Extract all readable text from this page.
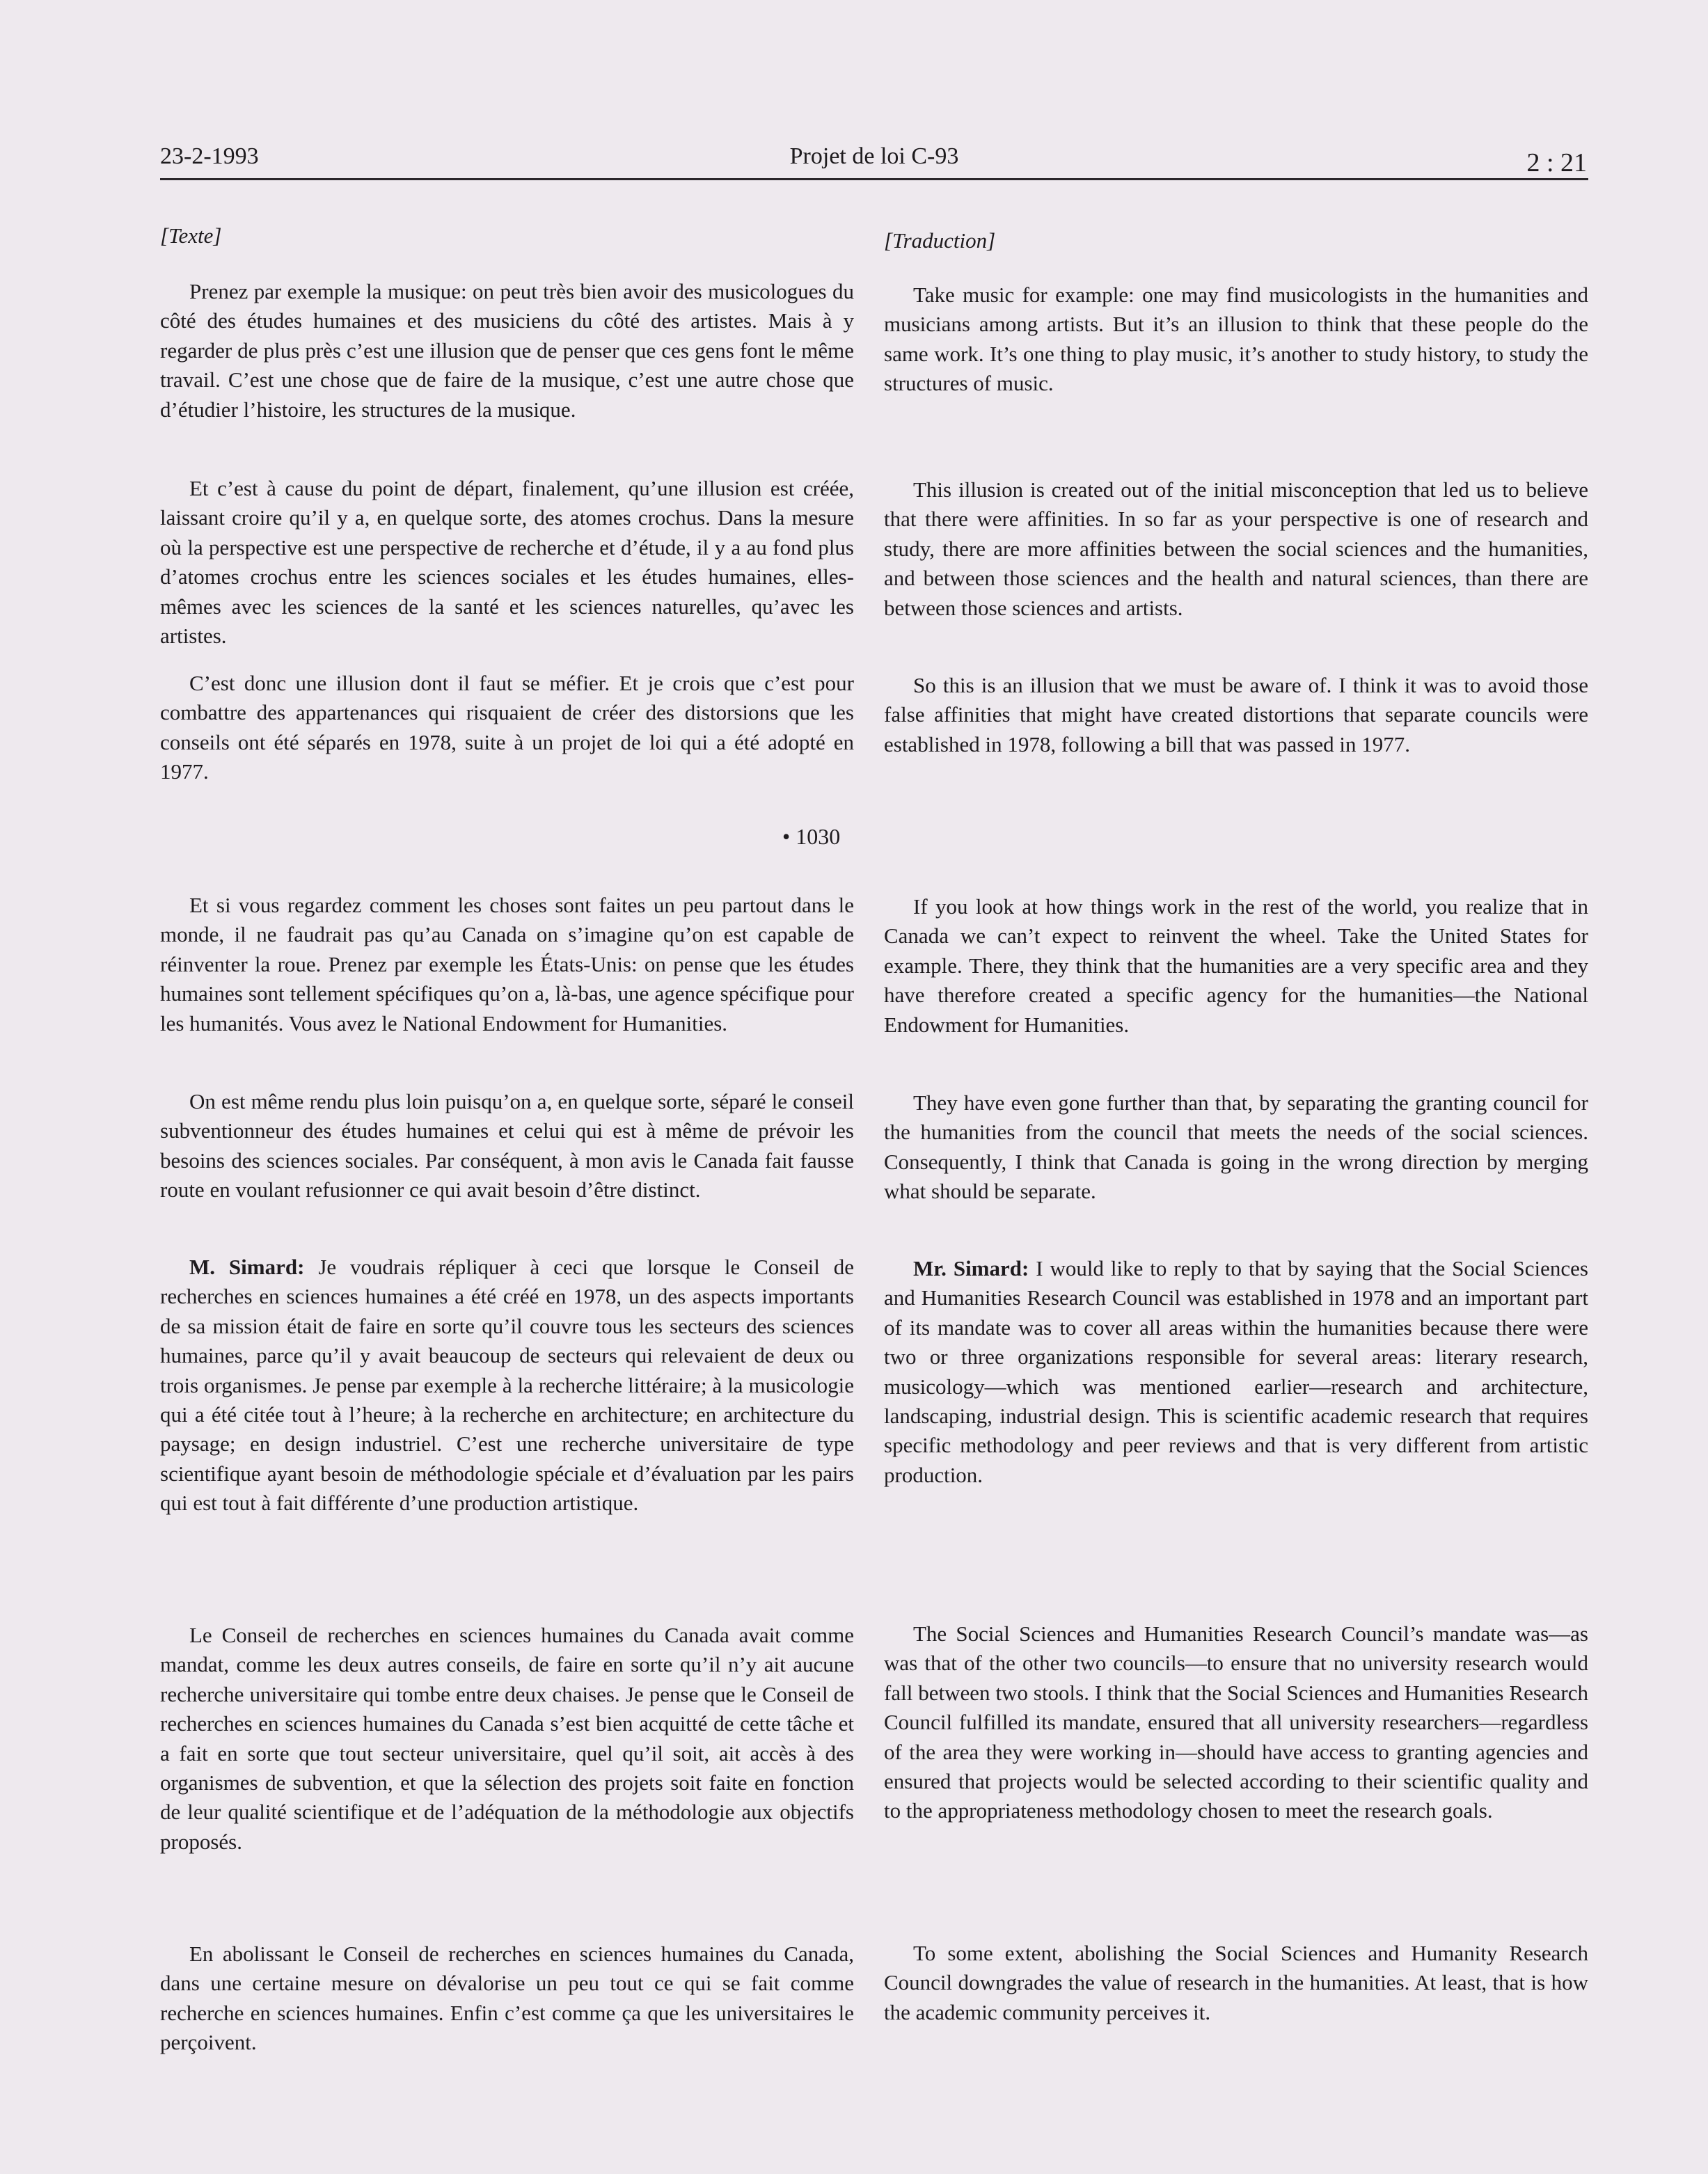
23-2-1993	Projet de loi C-93	2 : 21

[Texte]

Prenez par exemple la musique: on peut très bien avoir des musicologues du côté des études humaines et des musiciens du côté des artistes. Mais à y regarder de plus près c’est une illusion que de penser que ces gens font le même travail. C’est une chose que de faire de la musique, c’est une autre chose que d’étudier l’histoire, les structures de la musique.

Et c’est à cause du point de départ, finalement, qu’une illusion est créée, laissant croire qu’il y a, en quelque sorte, des atomes crochus. Dans la mesure où la perspective est une perspective de recherche et d’étude, il y a au fond plus d’atomes crochus entre les sciences sociales et les études humaines, elles-mêmes avec les sciences de la santé et les sciences naturelles, qu’avec les artistes.

C’est donc une illusion dont il faut se méfier. Et je crois que c’est pour combattre des appartenances qui risquaient de créer des distorsions que les conseils ont été séparés en 1978, suite à un projet de loi qui a été adopté en 1977.

• 1030

Et si vous regardez comment les choses sont faites un peu partout dans le monde, il ne faudrait pas qu’au Canada on s’imagine qu’on est capable de réinventer la roue. Prenez par exemple les États-Unis: on pense que les études humaines sont tellement spécifiques qu’on a, là-bas, une agence spécifique pour les humanités. Vous avez le National Endowment for Humanities.

On est même rendu plus loin puisqu’on a, en quelque sorte, séparé le conseil subventionneur des études humaines et celui qui est à même de prévoir les besoins des sciences sociales. Par conséquent, à mon avis le Canada fait fausse route en voulant refusionner ce qui avait besoin d’être distinct.

M. Simard: Je voudrais répliquer à ceci que lorsque le Conseil de recherches en sciences humaines a été créé en 1978, un des aspects importants de sa mission était de faire en sorte qu’il couvre tous les secteurs des sciences humaines, parce qu’il y avait beaucoup de secteurs qui relevaient de deux ou trois organismes. Je pense par exemple à la recherche littéraire; à la musicologie qui a été citée tout à l’heure; à la recherche en architecture; en architecture du paysage; en design industriel. C’est une recherche universitaire de type scientifique ayant besoin de méthodologie spéciale et d’évaluation par les pairs qui est tout à fait différente d’une production artistique.

Le Conseil de recherches en sciences humaines du Canada avait comme mandat, comme les deux autres conseils, de faire en sorte qu’il n’y ait aucune recherche universitaire qui tombe entre deux chaises. Je pense que le Conseil de recherches en sciences humaines du Canada s’est bien acquitté de cette tâche et a fait en sorte que tout secteur universitaire, quel qu’il soit, ait accès à des organismes de subvention, et que la sélection des projets soit faite en fonction de leur qualité scientifique et de l’adéquation de la méthodologie aux objectifs proposés.

En abolissant le Conseil de recherches en sciences humaines du Canada, dans une certaine mesure on dévalorise un peu tout ce qui se fait comme recherche en sciences humaines. Enfin c’est comme ça que les universitaires le perçoivent.

[Traduction]

Take music for example: one may find musicologists in the humanities and musicians among artists. But it’s an illusion to think that these people do the same work. It’s one thing to play music, it’s another to study history, to study the structures of music.

This illusion is created out of the initial misconception that led us to believe that there were affinities. In so far as your perspective is one of research and study, there are more affinities between the social sciences and the humanities, and between those sciences and the health and natural sciences, than there are between those sciences and artists.

So this is an illusion that we must be aware of. I think it was to avoid those false affinities that might have created distortions that separate councils were established in 1978, following a bill that was passed in 1977.

If you look at how things work in the rest of the world, you realize that in Canada we can’t expect to reinvent the wheel. Take the United States for example. There, they think that the humanities are a very specific area and they have therefore created a specific agency for the humanities—the National Endowment for Humanities.

They have even gone further than that, by separating the granting council for the humanities from the council that meets the needs of the social sciences. Consequently, I think that Canada is going in the wrong direction by merging what should be separate.

Mr. Simard: I would like to reply to that by saying that the Social Sciences and Humanities Research Council was established in 1978 and an important part of its mandate was to cover all areas within the humanities because there were two or three organizations responsible for several areas: literary research, musicology—which was mentioned earlier—research and architecture, landscaping, industrial design. This is scientific academic research that requires specific methodology and peer reviews and that is very different from artistic production.

The Social Sciences and Humanities Research Council’s mandate was—as was that of the other two councils—to ensure that no university research would fall between two stools. I think that the Social Sciences and Humanities Research Council fulfilled its mandate, ensured that all university researchers—regardless of the area they were working in—should have access to granting agencies and ensured that projects would be selected according to their scientific quality and to the appropriateness methodology chosen to meet the research goals.

To some extent, abolishing the Social Sciences and Humanity Research Council downgrades the value of research in the humanities. At least, that is how the academic community perceives it.
